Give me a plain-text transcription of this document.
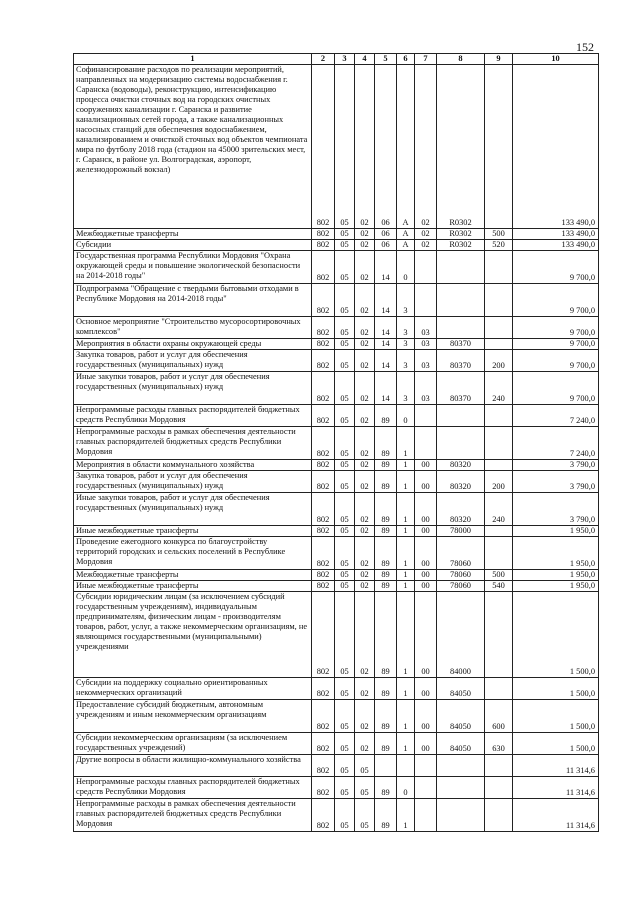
152
1	2	3	4	5	6	7	8	9	10
Софинансирование расходов по реализации мероприятий, направленных на модернизацию системы водоснабжения г. Саранска (водоводы), реконструкцию, интенсификацию процесса очистки сточных вод на городских очистных сооружениях канализации г. Саранска и развитие канализационных сетей города, а также канализационных насосных станций для обеспечения водоснабжением, канализированием и очисткой сточных вод объектов чемпионата мира по футболу 2018 года (стадион на 45000 зрительских мест, г. Саранск, в районе ул. Волгоградская, аэропорт, железнодорожный вокзал)	802	05	02	06	А	02	R0302		133 490,0
Межбюджетные трансферты	802	05	02	06	А	02	R0302	500	133 490,0
Субсидии	802	05	02	06	А	02	R0302	520	133 490,0
Государственная программа Республики Мордовия "Охрана окружающей среды и повышение экологической безопасности на 2014-2018 годы"	802	05	02	14	0				9 700,0
Подпрограмма "Обращение с твердыми бытовыми отходами в Республике Мордовия на 2014-2018 годы"	802	05	02	14	3				9 700,0
Основное мероприятие "Строительство мусоросортировочных комплексов"	802	05	02	14	3	03			9 700,0
Мероприятия в области охраны окружающей среды	802	05	02	14	3	03	80370		9 700,0
Закупка товаров, работ и услуг для обеспечения государственных (муниципальных) нужд	802	05	02	14	3	03	80370	200	9 700,0
Иные закупки товаров, работ и услуг для обеспечения государственных (муниципальных) нужд	802	05	02	14	3	03	80370	240	9 700,0
Непрограммные расходы главных распорядителей бюджетных средств Республики Мордовия	802	05	02	89	0				7 240,0
Непрограммные расходы в рамках обеспечения деятельности главных распорядителей бюджетных средств Республики Мордовия	802	05	02	89	1				7 240,0
Мероприятия в области коммунального хозяйства	802	05	02	89	1	00	80320		3 790,0
Закупка товаров, работ и услуг для обеспечения государственных (муниципальных) нужд	802	05	02	89	1	00	80320	200	3 790,0
Иные закупки товаров, работ и услуг для обеспечения государственных (муниципальных) нужд	802	05	02	89	1	00	80320	240	3 790,0
Иные межбюджетные трансферты	802	05	02	89	1	00	78000		1 950,0
Проведение ежегодного конкурса по благоустройству территорий городских и сельских поселений в Республике Мордовия	802	05	02	89	1	00	78060		1 950,0
Межбюджетные трансферты	802	05	02	89	1	00	78060	500	1 950,0
Иные межбюджетные трансферты	802	05	02	89	1	00	78060	540	1 950,0
Субсидии юридическим лицам (за исключением субсидий государственным учреждениям), индивидуальным предпринимателям, физическим лицам - производителям товаров, работ, услуг, а также некоммерческим организациям, не являющимся государственными (муниципальными) учреждениями	802	05	02	89	1	00	84000		1 500,0
Субсидии на поддержку социально ориентированных некоммерческих организаций	802	05	02	89	1	00	84050		1 500,0
Предоставление субсидий бюджетным, автономным учреждениям и иным некоммерческим организациям	802	05	02	89	1	00	84050	600	1 500,0
Субсидии некоммерческим организациям (за исключением государственных учреждений)	802	05	02	89	1	00	84050	630	1 500,0
Другие вопросы в области жилищно-коммунального хозяйства	802	05	05						11 314,6
Непрограммные расходы главных распорядителей бюджетных средств Республики Мордовия	802	05	05	89	0				11 314,6
Непрограммные расходы в рамках обеспечения деятельности главных распорядителей бюджетных средств Республики Мордовия	802	05	05	89	1				11 314,6
